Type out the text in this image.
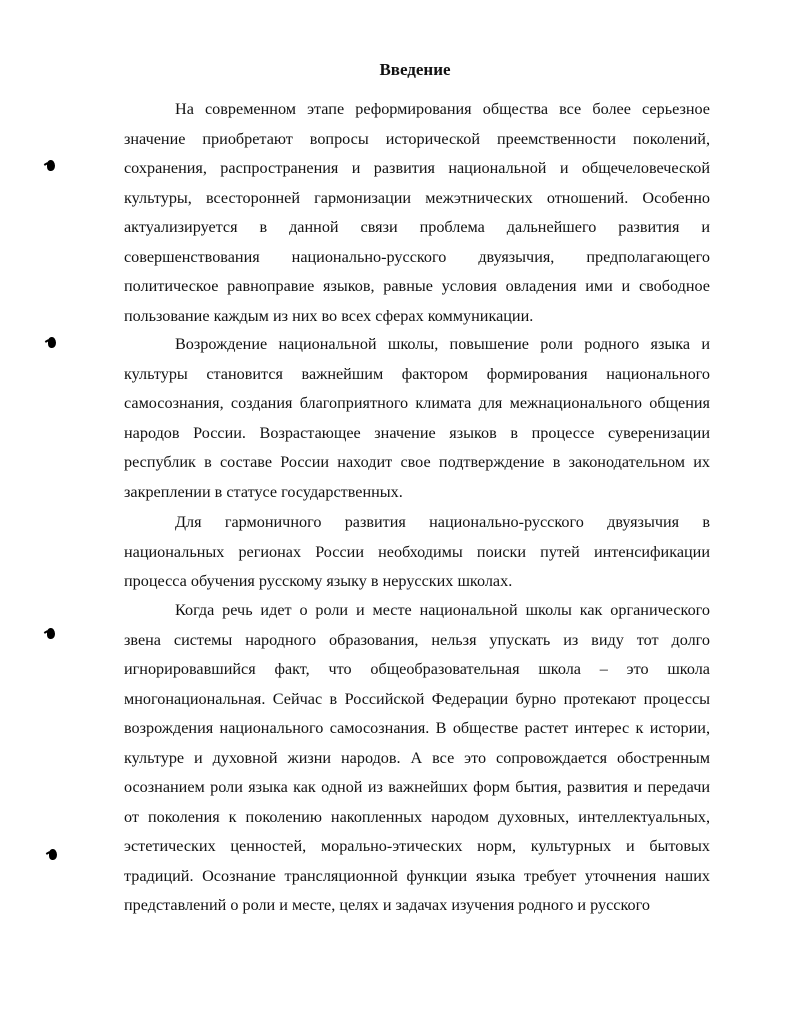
Введение

На современном этапе реформирования общества все более серьезное значение приобретают вопросы исторической преемственности поколений, сохранения, распространения и развития национальной и общечеловеческой культуры, всесторонней гармонизации межэтнических отношений. Особенно актуализируется в данной связи проблема дальнейшего развития и совершенствования национально-русского двуязычия, предполагающего политическое равноправие языков, равные условия овладения ими и свободное пользование каждым из них во всех сферах коммуникации.

Возрождение национальной школы, повышение роли родного языка и культуры становится важнейшим фактором формирования национального самосознания, создания благоприятного климата для межнационального общения народов России. Возрастающее значение языков в процессе суверенизации республик в составе России находит свое подтверждение в законодательном их закреплении в статусе государственных.

Для гармоничного развития национально-русского двуязычия в национальных регионах России необходимы поиски путей интенсификации процесса обучения русскому языку в нерусских школах.

Когда речь идет о роли и месте национальной школы как органического звена системы народного образования, нельзя упускать из виду тот долго игнорировавшийся факт, что общеобразовательная школа – это школа многонациональная. Сейчас в Российской Федерации бурно протекают процессы возрождения национального самосознания. В обществе растет интерес к истории, культуре и духовной жизни народов. А все это сопровождается обостренным осознанием роли языка как одной из важнейших форм бытия, развития и передачи от поколения к поколению накопленных народом духовных, интеллектуальных, эстетических ценностей, морально-этических норм, культурных и бытовых традиций. Осознание трансляционной функции языка требует уточнения наших представлений о роли и месте, целях и задачах изучения родного и русского
